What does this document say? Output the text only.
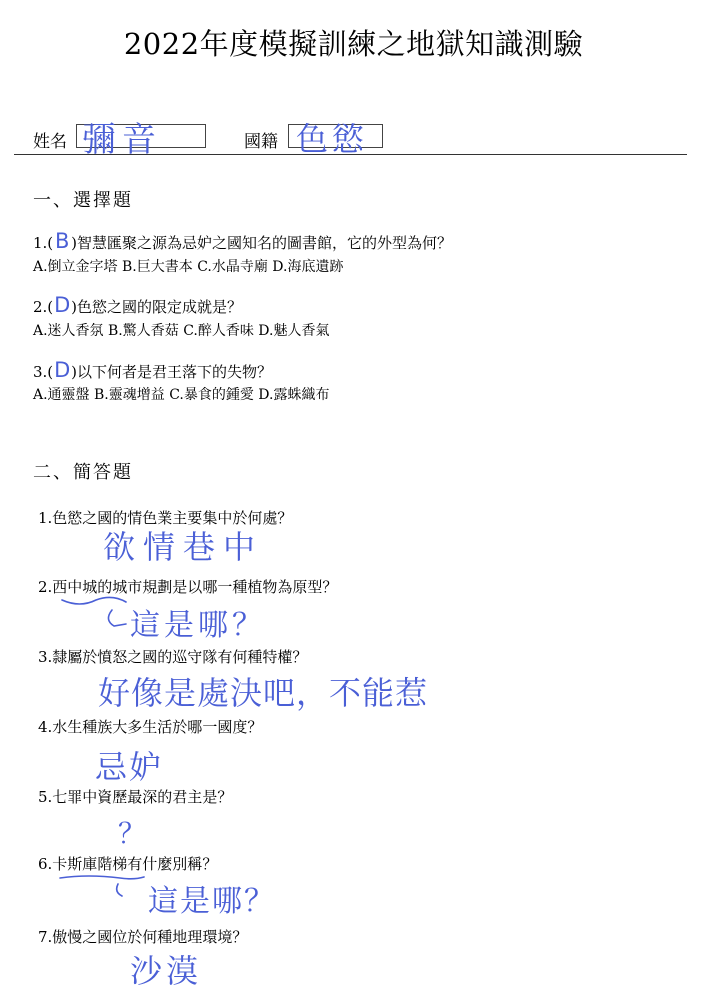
2022年度模擬訓練之地獄知識測驗
姓名 彌音	國籍 色慾
一、選擇題
1.(B )智慧匯聚之源為忌妒之國知名的圖書館，它的外型為何？
A.倒立金字塔 B.巨大書本 C.水晶寺廟 D.海底遺跡
2.(D)色慾之國的限定成就是？
A.迷人香氛 B.驚人香菇 C.醉人香味 D.魅人香氣
3.(D)以下何者是君王落下的失物？
A.通靈盤 B.靈魂增益 C.暴食的鍾愛 D.露蛛織布
二、簡答題
1.色慾之國的情色業主要集中於何處？
欲情巷中
2.西中城的城市規劃是以哪一種植物為原型？
這是哪？
3.隸屬於憤怒之國的巡守隊有何種特權？
好像是處決吧，不能惹
4.水生種族大多生活於哪一國度？
忌妒
5.七罪中資歷最深的君主是？
？
6.卡斯庫階梯有什麼別稱？
這是哪？
7.傲慢之國位於何種地理環境？
沙漠
